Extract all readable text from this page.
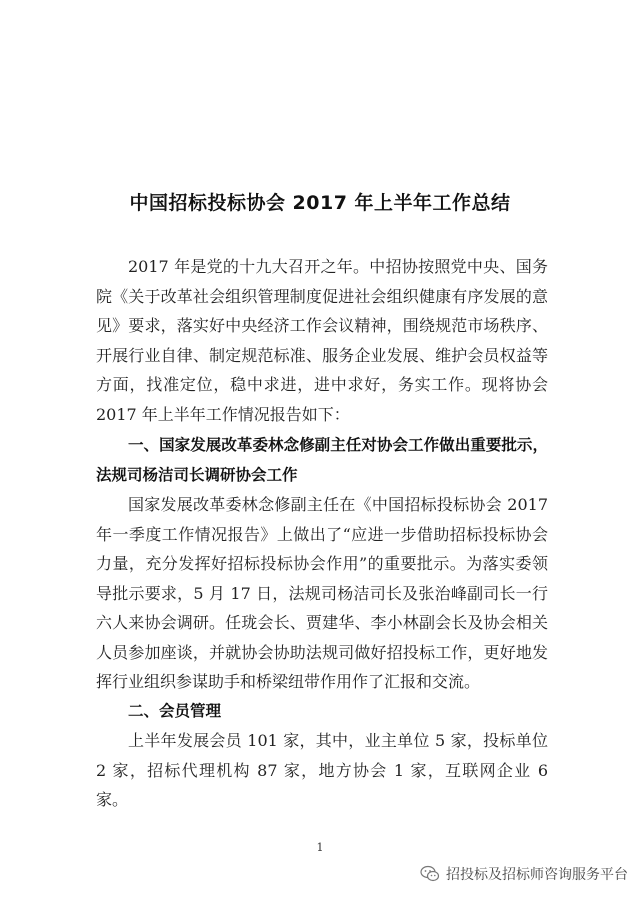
中国招标投标协会 2017 年上半年工作总结

2017 年是党的十九大召开之年。中招协按照党中央、国务院《关于改革社会组织管理制度促进社会组织健康有序发展的意见》要求，落实好中央经济工作会议精神，围绕规范市场秩序、开展行业自律、制定规范标准、服务企业发展、维护会员权益等方面，找准定位，稳中求进，进中求好，务实工作。现将协会 2017 年上半年工作情况报告如下：

一、国家发展改革委林念修副主任对协会工作做出重要批示，法规司杨洁司长调研协会工作

国家发展改革委林念修副主任在《中国招标投标协会 2017 年一季度工作情况报告》上做出了“应进一步借助招标投标协会力量，充分发挥好招标投标协会作用”的重要批示。为落实委领导批示要求，5 月 17 日，法规司杨洁司长及张治峰副司长一行六人来协会调研。任珑会长、贾建华、李小林副会长及协会相关人员参加座谈，并就协会协助法规司做好招投标工作，更好地发挥行业组织参谋助手和桥梁纽带作用作了汇报和交流。

二、会员管理

上半年发展会员 101 家，其中，业主单位 5 家，投标单位 2 家，招标代理机构 87 家，地方协会 1 家，互联网企业 6 家。

1
招投标及招标师咨询服务平台
